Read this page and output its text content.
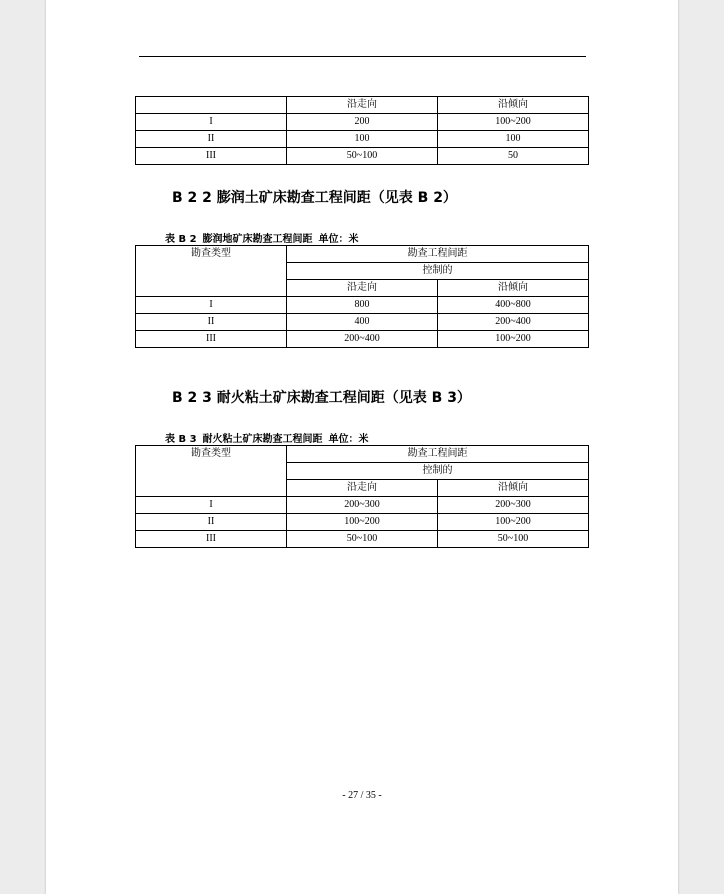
	沿走向	沿倾向
I	200	100~200
II	100	100
III	50~100	50
B 2 2 膨润土矿床勘查工程间距（见表 B 2）
表 B 2 膨润地矿床勘查工程间距 单位：米
勘查类型	勘查工程间距	
	控制的	
	沿走向	沿倾向
I	800	400~800
II	400	200~400
III	200~400	100~200
B 2 3 耐火粘土矿床勘查工程间距（见表 B 3）
表 B 3 耐火粘土矿床勘查工程间距 单位：米
勘查类型	勘查工程间距	
	控制的	
	沿走向	沿倾向
I	200~300	200~300
II	100~200	100~200
III	50~100	50~100
- 27 / 35 -
